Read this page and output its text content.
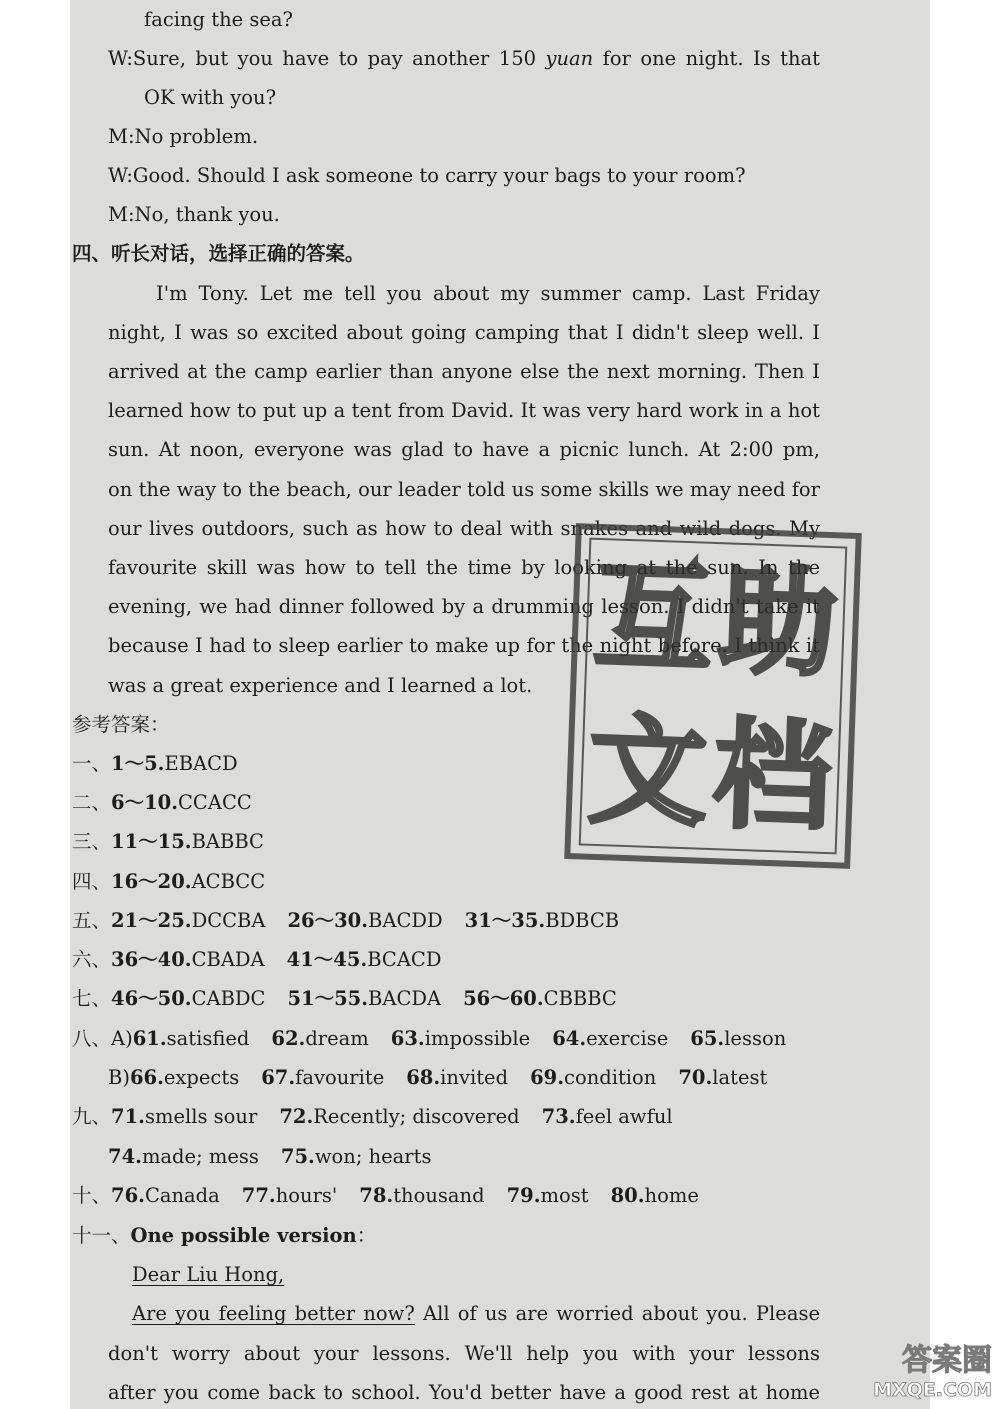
facing the sea?
W:Sure, but you have to pay another 150 yuan for one night. Is that
OK with you?
M:No problem.
W:Good. Should I ask someone to carry your bags to your room?
M:No, thank you.
四、听长对话，选择正确的答案。
I'm Tony. Let me tell you about my summer camp. Last Friday
night, I was so excited about going camping that I didn't sleep well. I
arrived at the camp earlier than anyone else the next morning. Then I
learned how to put up a tent from David. It was very hard work in a hot
sun. At noon, everyone was glad to have a picnic lunch. At 2:00 pm,
on the way to the beach, our leader told us some skills we may need for
our lives outdoors, such as how to deal with snakes and wild dogs. My
favourite skill was how to tell the time by looking at the sun. In the
evening, we had dinner followed by a drumming lesson. I didn't take it
because I had to sleep earlier to make up for the night before. I think it
was a great experience and I learned a lot.
参考答案：
一、1～5.EBACD
二、6～10.CCACC
三、11～15.BABBC
四、16～20.ACBCC
五、21～25.DCCBA 26～30.BACDD 31～35.BDBCB
六、36～40.CBADA 41～45.BCACD
七、46～50.CABDC 51～55.BACDA 56～60.CBBBC
八、A)61.satisfied 62.dream 63.impossible 64.exercise 65.lesson
B)66.expects 67.favourite 68.invited 69.condition 70.latest
九、71.smells sour 72.Recently; discovered 73.feel awful
74.made; mess 75.won; hearts
十、76.Canada 77.hours' 78.thousand 79.most 80.home
十一、One possible version：
Dear Liu Hong,
Are you feeling better now? All of us are worried about you. Please
don't worry about your lessons. We'll help you with your lessons
after you come back to school. You'd better have a good rest at home
互 助
文 档
答案圈
MXQE.COM
